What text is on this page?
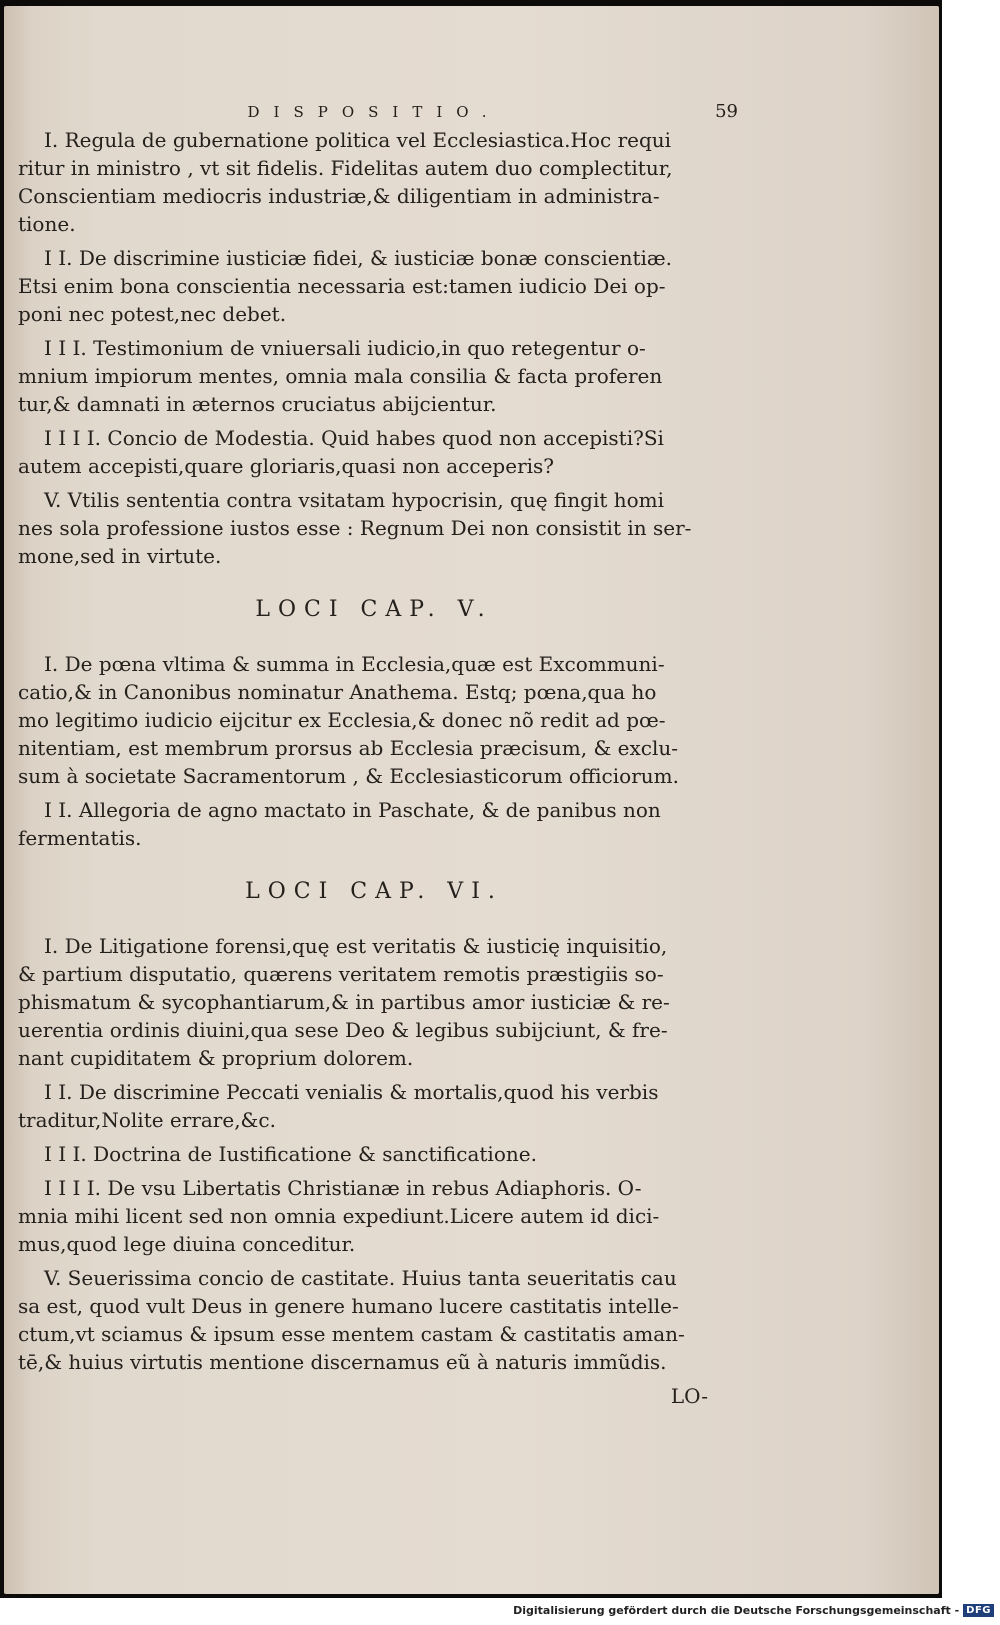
DISPOSITIO.	59
I. Regula de gubernatione politica vel Ecclesiastica.Hoc requi
ritur in ministro , vt sit fidelis. Fidelitas autem duo complectitur,
Conscientiam mediocris industriæ,& diligentiam in administra-
tione.
I I. De discrimine iusticiæ fidei, & iusticiæ bonæ conscientiæ.
Etsi enim bona conscientia necessaria est:tamen iudicio Dei op-
poni nec potest,nec debet.
I I I. Testimonium de vniuersali iudicio,in quo retegentur o-
mnium impiorum mentes, omnia mala consilia & facta proferen
tur,& damnati in æternos cruciatus abijcientur.
I I I I. Concio de Modestia. Quid habes quod non accepisti?Si
autem accepisti,quare gloriaris,quasi non acceperis?
V. Vtilis sententia contra vsitatam hypocrisin, quę fingit homi
nes sola professione iustos esse : Regnum Dei non consistit in ser-
mone,sed in virtute.
LOCI CAP. V.
I. De pœna vltima & summa in Ecclesia,quæ est Excommuni-
catio,& in Canonibus nominatur Anathema. Estq; pœna,qua ho
mo legitimo iudicio eijcitur ex Ecclesia,& donec nõ redit ad pœ-
nitentiam, est membrum prorsus ab Ecclesia præcisum, & exclu-
sum à societate Sacramentorum , & Ecclesiasticorum officiorum.
I I. Allegoria de agno mactato in Paschate, & de panibus non
fermentatis.
LOCI CAP. VI.
I. De Litigatione forensi,quę est veritatis & iusticię inquisitio,
& partium disputatio, quærens veritatem remotis præstigiis so-
phismatum & sycophantiarum,& in partibus amor iusticiæ & re-
uerentia ordinis diuini,qua sese Deo & legibus subijciunt, & fre-
nant cupiditatem & proprium dolorem.
I I. De discrimine Peccati venialis & mortalis,quod his verbis
traditur,Nolite errare,&c.
I I I. Doctrina de Iustificatione & sanctificatione.
I I I I. De vsu Libertatis Christianæ in rebus Adiaphoris. O-
mnia mihi licent sed non omnia expediunt.Licere autem id dici-
mus,quod lege diuina conceditur.
V. Seuerissima concio de castitate. Huius tanta seueritatis cau
sa est, quod vult Deus in genere humano lucere castitatis intelle-
ctum,vt sciamus & ipsum esse mentem castam & castitatis aman-
tē,& huius virtutis mentione discernamus eũ à naturis immũdis.
LO-
Digitalisierung gefördert durch die Deutsche Forschungsgemeinschaft - DFG
